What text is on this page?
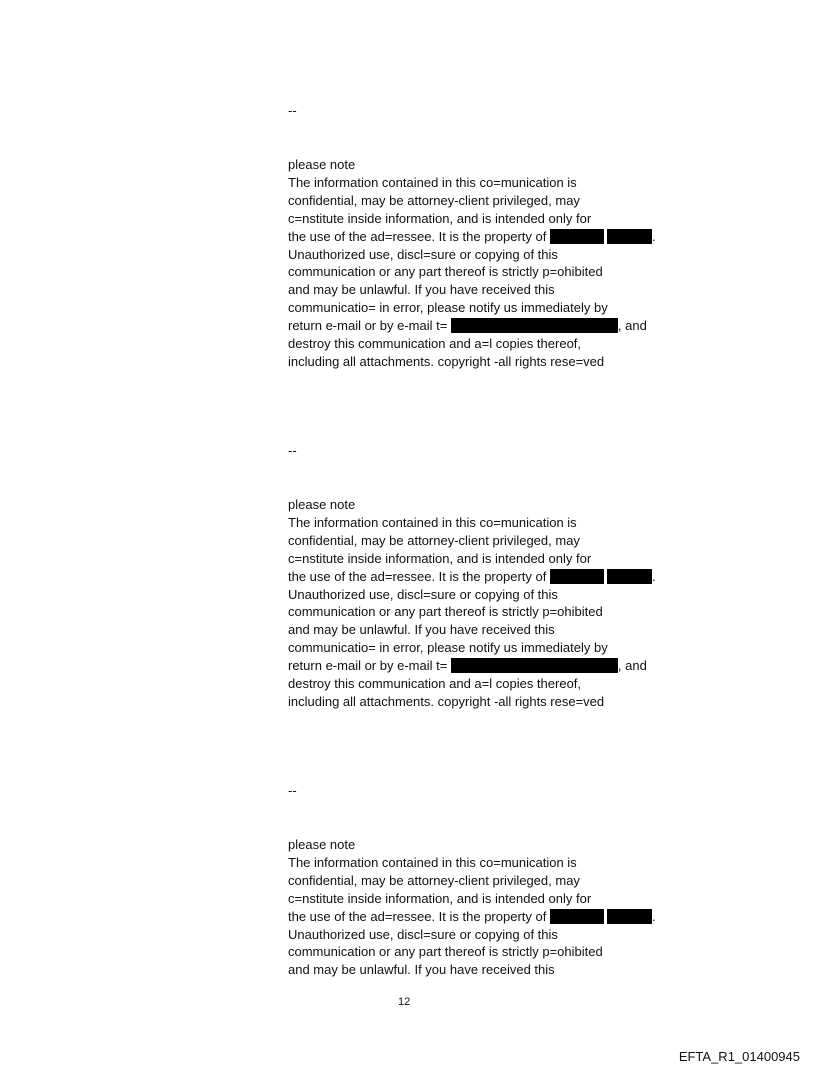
--
please note
The information contained in this co=munication is
confidential, may be attorney-client privileged, may
c=nstitute inside information, and is intended only for
the use of the ad=ressee. It is the property of	.
Unauthorized use, discl=sure or copying of this
communication or any part thereof is strictly p=ohibited
and may be unlawful. If you have received this
communicatio= in error, please notify us immediately by
return e-mail or by e-mail t=	, and
destroy this communication and a=l copies thereof,
including all attachments. copyright -all rights rese=ved
--
please note
The information contained in this co=munication is
confidential, may be attorney-client privileged, may
c=nstitute inside information, and is intended only for
the use of the ad=ressee. It is the property of	.
Unauthorized use, discl=sure or copying of this
communication or any part thereof is strictly p=ohibited
and may be unlawful. If you have received this
communicatio= in error, please notify us immediately by
return e-mail or by e-mail t=	, and
destroy this communication and a=l copies thereof,
including all attachments. copyright -all rights rese=ved
--
please note
The information contained in this co=munication is
confidential, may be attorney-client privileged, may
c=nstitute inside information, and is intended only for
the use of the ad=ressee. It is the property of	.
Unauthorized use, discl=sure or copying of this
communication or any part thereof is strictly p=ohibited
and may be unlawful. If you have received this
12
EFTA_R1_01400945
